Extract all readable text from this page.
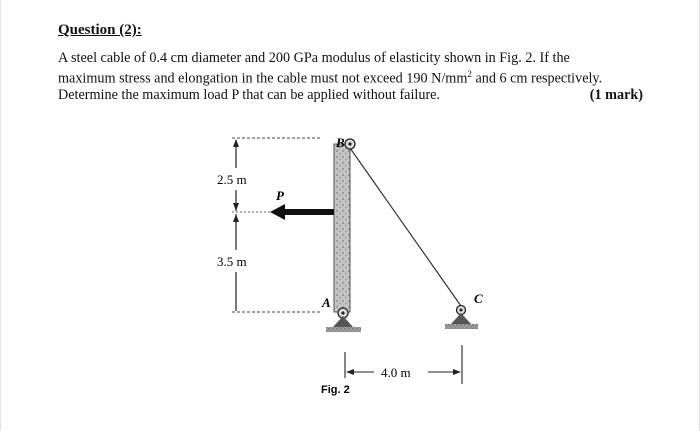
Question (2):

A steel cable of 0.4 cm diameter and 200 GPa modulus of elasticity shown in Fig. 2. If the

maximum stress and elongation in the cable must not exceed 190 $N/mm^2$ and 6 cm respectively.

Determine the maximum load P that can be applied without failure.	(1 mark)

2.5 m
3.5 m
B
P
A	C
4.0 m
Fig. 2
